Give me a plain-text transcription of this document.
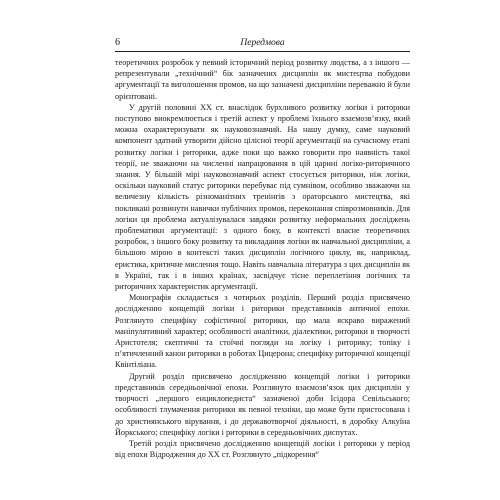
6	Передмова

теоретичних розробок у певний історичний період розвитку людства, а з іншого — репрезентували „технічний“ бік зазначених дисциплін як мистецтва побудови аргументації та виголошення промов, на що зазначені дисципліни переважно й були орієнтовані.

У другій половині XX ст. внаслідок бурхливого розвитку логіки і риторики поступово виокремлюється і третій аспект у проблемі їхнього взаємозв’язку, який можна охарактеризувати як науковознавчий. На нашу думку, саме науковий компонент здатний утворити дійсно цілісної теорії аргументації на сучасному етапі розвитку логіки і риторики, адже поки що важко говорити про наявність такої теорії, не зважаючи на численні напрацювання в цій царині логіко-риторичного знання. У більшій мірі науковознавчий аспект стосується риторики, ніж логіки, оскільки науковий статус риторики перебуває під сумнівом, особливо зважаючи на величезну кількість різноманітних тренінгів з ораторського мистецтва, які покликані розвинути навички публічних промов, переконання співрозмовників. Для логіки ця проблема актуалізувалася завдяки розвитку неформальних досліджень проблематики аргументації: з одного боку, в контексті власне теоретичних розробок, з іншого боку розвитку та викладання логіки як навчальної дисципліни, а більшою мірою в контексті таких дисциплін логічного циклу, як, наприклад, еристика, критичне мислення тощо. Навіть навчальна література з цих дисциплін як в Україні, так і в інших країнах, засвідчує тісне переплетіння логічних та риторичних характеристик аргументації.

Монографія складається з чотирьох розділів. Перший розділ присвячено дослідженню концепцій логіки і риторики представників античної епохи. Розглянуто специфіку софістичної риторики, що мала яскраво виражений маніпулятивний характер; особливості аналітики, діалектики, риторики в творчості Аристотеля; скептичні та стоїчні погляди на логіку і риторику; топіку і пʼятичленний канон риторики в роботах Цицерона; специфіку риторичної концепції Квінтіліана.

Другий розділ присвячено дослідженню концепцій логіки і риторики представників середньовічної епохи. Розглянуто взаємозв’язок цих дисциплін у творчості „першого енциклопедиста“ зазначеної доби Ісідора Севільського; особливості тлумачення риторики як певної техніки, що може бути пристосована і до християнського вірування, і до державотворчої діяльності, в доробку Алкуїна Йоркського; специфіку логіки і риторики в середньовічних диспутах.

Третій розділ присвячено дослідженню концепцій логіки і риторики у період від епохи Відродження до XX ст. Розглянуто „підкорення“
